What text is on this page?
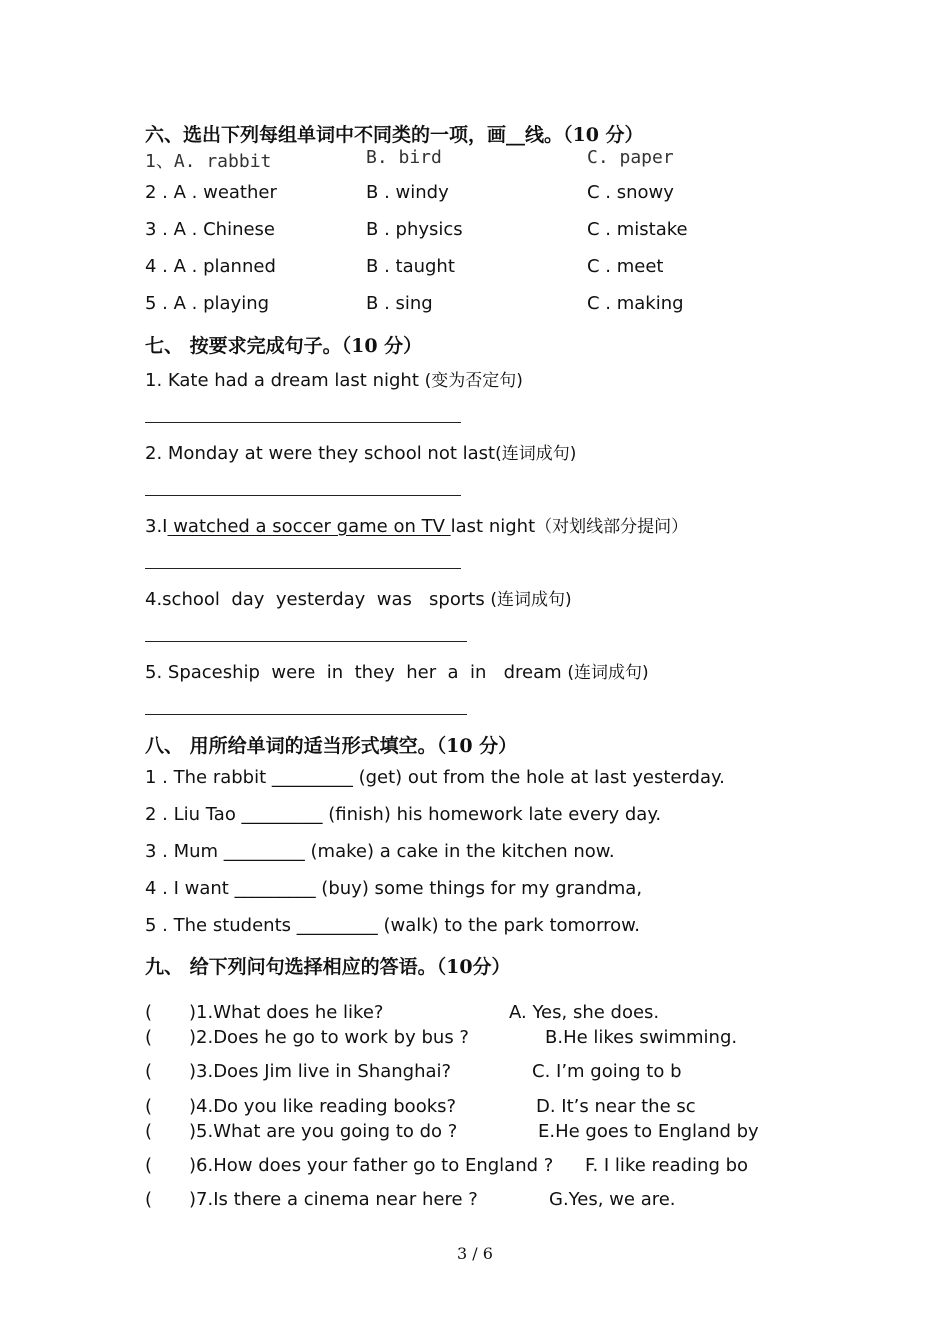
六、选出下列每组单词中不同类的一项，画__线。（10 分）
1、A. rabbit	B. bird	C. paper
2 . A . weather	B . windy	C . snowy
3 . A . Chinese	B . physics	C . mistake
4 . A . planned	B . taught	C . meet
5 . A . playing	B . sing	C . making
七、 按要求完成句子。（10 分）
1. Kate had a dream last night (变为否定句)
2. Monday at were they school not last(连词成句)
3.I watched a soccer game on TV last night（对划线部分提问）
4.school  day  yesterday  was   sports (连词成句)
5. Spaceship  were  in  they  her  a  in   dream (连词成句)
八、 用所给单词的适当形式填空。（10 分）
1 . The rabbit _________ (get) out from the hole at last yesterday.
2 . Liu Tao _________ (finish) his homework late every day.
3 . Mum _________ (make) a cake in the kitchen now.
4 . I want _________ (buy) some things for my grandma,
5 . The students _________ (walk) to the park tomorrow.
九、 给下列问句选择相应的答语。（10分）
( )1.What does he like?	A. Yes, she does.
( )2.Does he go to work by bus ?	B.He likes swimming.
( )3.Does Jim live in Shanghai?	C. I’m going to b
( )4.Do you like reading books?	D. It’s near the sc
( )5.What are you going to do ?	E.He goes to England by
( )6.How does your father go to England ? F. I like reading bo
( )7.Is there a cinema near here ?	G.Yes, we are.
3 / 6
